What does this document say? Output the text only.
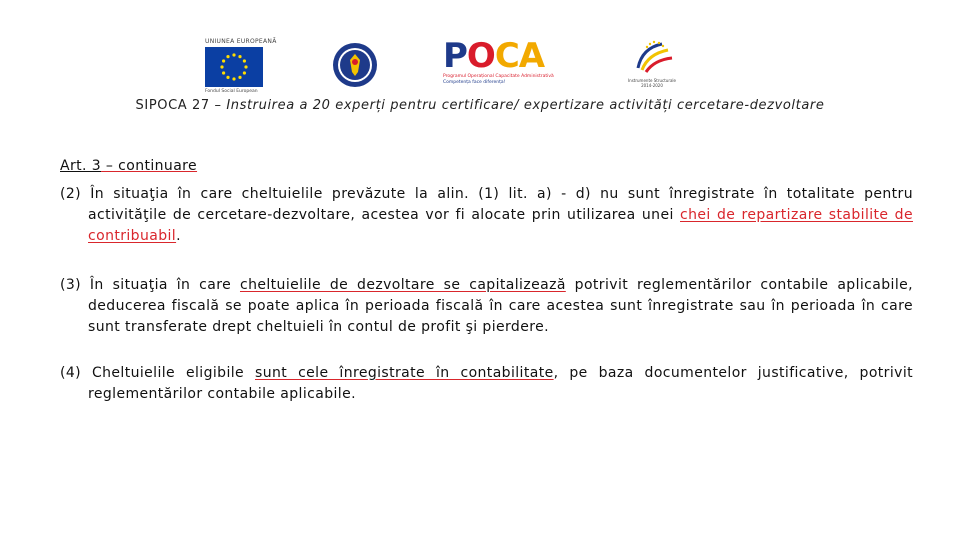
UNIUNEA EUROPEANĂ
Fondul Social European
POCA
Programul Operațional Capacitate Administrativă
Competența face diferența!	Instrumente Structurale
2014-2020
SIPOCA 27 – Instruirea a 20 experți pentru certificare/ expertizare activități cercetare-dezvoltare
Art. 3 – continuare
(2) În situaţia în care cheltuielile prevăzute la alin. (1) lit. a) - d) nu sunt înregistrate în totalitate pentru activităţile de cercetare-dezvoltare, acestea vor fi alocate prin utilizarea unei chei de repartizare stabilite de contribuabil.
(3) În situaţia în care cheltuielile de dezvoltare se capitalizează potrivit reglementărilor contabile aplicabile, deducerea fiscală se poate aplica în perioada fiscală în care acestea sunt înregistrate sau în perioada în care sunt transferate drept cheltuieli în contul de profit şi pierdere.
(4) Cheltuielile eligibile sunt cele înregistrate în contabilitate, pe baza documentelor justificative, potrivit reglementărilor contabile aplicabile.
